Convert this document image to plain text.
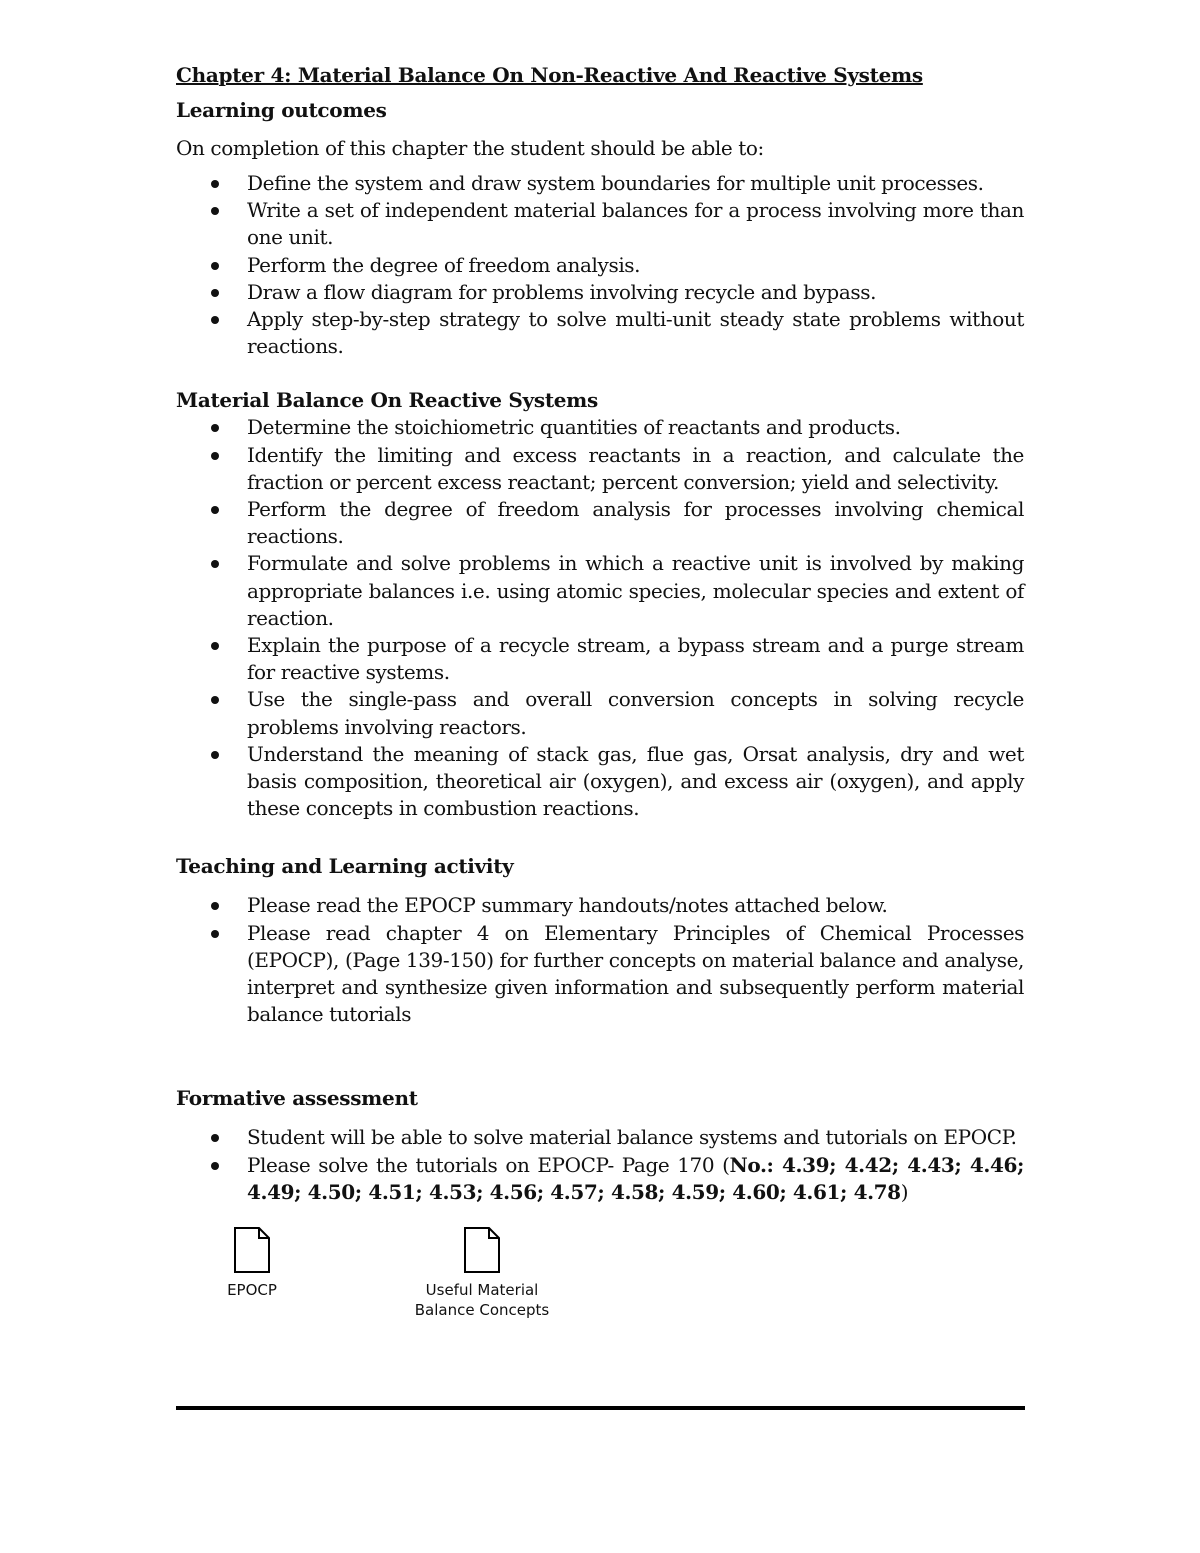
Chapter 4: Material Balance On Non-Reactive And Reactive Systems

Learning outcomes

On completion of this chapter the student should be able to:

Define the system and draw system boundaries for multiple unit processes.
Write a set of independent material balances for a process involving more than one unit.
Perform the degree of freedom analysis.
Draw a flow diagram for problems involving recycle and bypass.
Apply step-by-step strategy to solve multi-unit steady state problems without reactions.

Material Balance On Reactive Systems

Determine the stoichiometric quantities of reactants and products.
Identify the limiting and excess reactants in a reaction, and calculate the fraction or percent excess reactant; percent conversion; yield and selectivity.
Perform the degree of freedom analysis for processes involving chemical reactions.
Formulate and solve problems in which a reactive unit is involved by making appropriate balances i.e. using atomic species, molecular species and extent of reaction.
Explain the purpose of a recycle stream, a bypass stream and a purge stream for reactive systems.
Use the single-pass and overall conversion concepts in solving recycle problems involving reactors.
Understand the meaning of stack gas, flue gas, Orsat analysis, dry and wet basis composition, theoretical air (oxygen), and excess air (oxygen), and apply these concepts in combustion reactions.

Teaching and Learning activity

Please read the EPOCP summary handouts/notes attached below.
Please read chapter 4 on Elementary Principles of Chemical Processes (EPOCP), (Page 139-150) for further concepts on material balance and analyse, interpret and synthesize given information and subsequently perform material balance tutorials

Formative assessment

Student will be able to solve material balance systems and tutorials on EPOCP.
Please solve the tutorials on EPOCP- Page 170 (No.: 4.39; 4.42; 4.43; 4.46; 4.49; 4.50; 4.51; 4.53; 4.56; 4.57; 4.58; 4.59; 4.60; 4.61; 4.78)
EPOCP	Useful Material Balance Concepts
